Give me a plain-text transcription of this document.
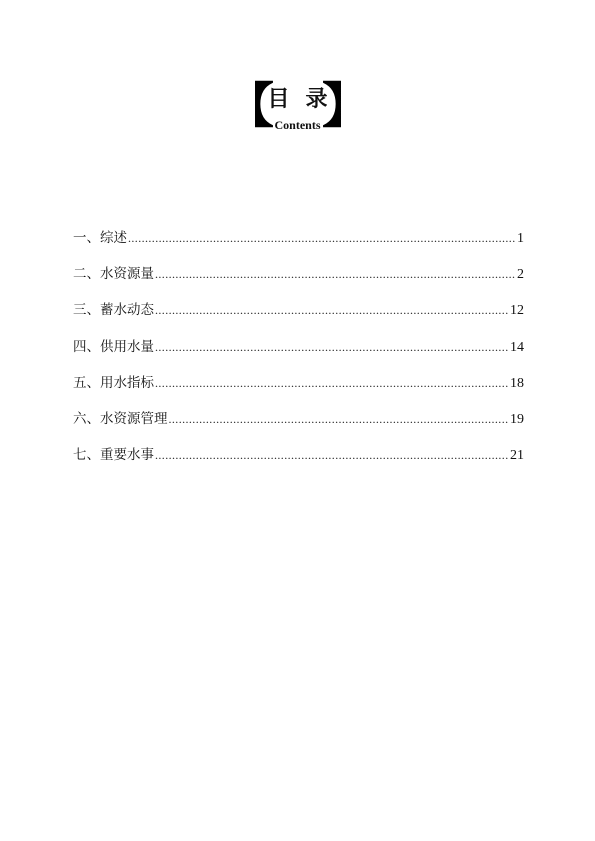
【
目录
】
Contents
一、综述 .....	1
二、水资源量 .....	2
三、蓄水动态 .....	12
四、供用水量 .....	14
五、用水指标 .....	18
六、水资源管理 .....	19
七、重要水事 .....	21
